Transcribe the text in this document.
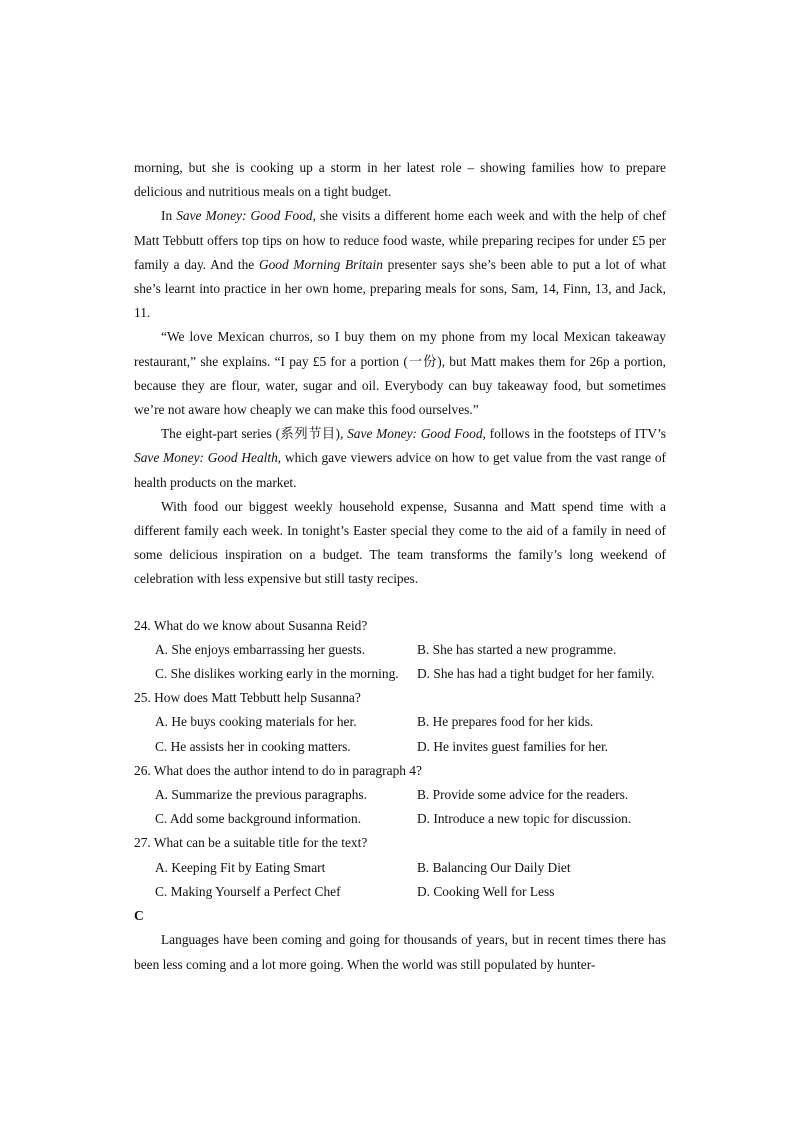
morning, but she is cooking up a storm in her latest role – showing families how to prepare delicious and nutritious meals on a tight budget.

In Save Money: Good Food, she visits a different home each week and with the help of chef Matt Tebbutt offers top tips on how to reduce food waste, while preparing recipes for under £5 per family a day. And the Good Morning Britain presenter says she’s been able to put a lot of what she’s learnt into practice in her own home, preparing meals for sons, Sam, 14, Finn, 13, and Jack, 11.

“We love Mexican churros, so I buy them on my phone from my local Mexican takeaway restaurant,” she explains. “I pay £5 for a portion (一份), but Matt makes them for 26p a portion, because they are flour, water, sugar and oil. Everybody can buy takeaway food, but sometimes we’re not aware how cheaply we can make this food ourselves.”

The eight-part series (系列节目), Save Money: Good Food, follows in the footsteps of ITV’s Save Money: Good Health, which gave viewers advice on how to get value from the vast range of health products on the market.

With food our biggest weekly household expense, Susanna and Matt spend time with a different family each week. In tonight’s Easter special they come to the aid of a family in need of some delicious inspiration on a budget. The team transforms the family’s long weekend of celebration with less expensive but still tasty recipes.

24. What do we know about Susanna Reid?

A. She enjoys embarrassing her guests.	B. She has started a new programme.
C. She dislikes working early in the morning.	D. She has had a tight budget for her family.

25. How does Matt Tebbutt help Susanna?

A. He buys cooking materials for her.	B. He prepares food for her kids.
C. He assists her in cooking matters.	D. He invites guest families for her.

26. What does the author intend to do in paragraph 4?

A. Summarize the previous paragraphs.	B. Provide some advice for the readers.
C. Add some background information.	D. Introduce a new topic for discussion.

27. What can be a suitable title for the text?

A. Keeping Fit by Eating Smart	B. Balancing Our Daily Diet
C. Making Yourself a Perfect Chef	D. Cooking Well for Less

C

Languages have been coming and going for thousands of years, but in recent times there has been less coming and a lot more going. When the world was still populated by hunter-
